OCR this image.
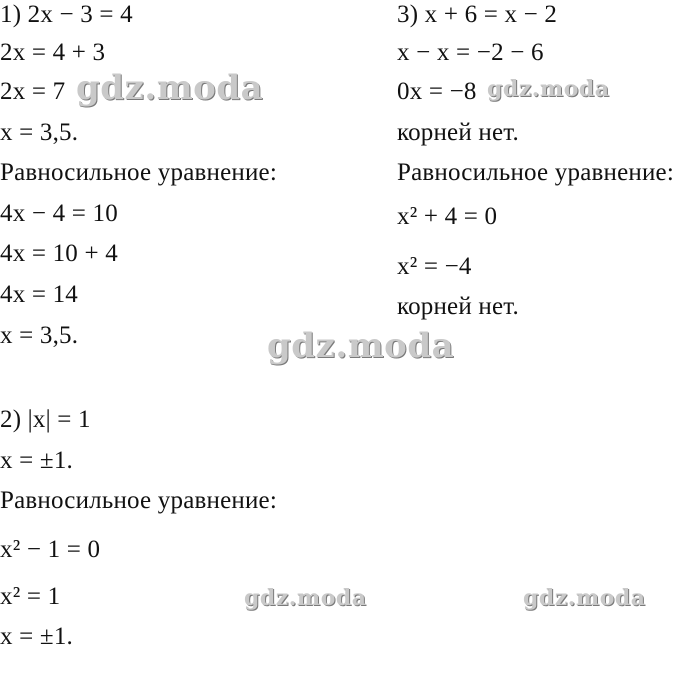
1) 2x − 3 = 4
2x = 4 + 3
2x = 7
x = 3,5.
Равносильное уравнение:
4x − 4 = 10
4x = 10 + 4
4x = 14
x = 3,5.
3) x + 6 = x − 2
x − x = −2 − 6
0x = −8
корней нет.
Равносильное уравнение:
x² + 4 = 0
x² = −4
корней нет.
2) |x| = 1
x = ±1.
Равносильное уравнение:
x² − 1 = 0
x² = 1
x = ±1.
gdz.moda	gdz.moda
gdz.moda
gdz.moda	gdz.moda
